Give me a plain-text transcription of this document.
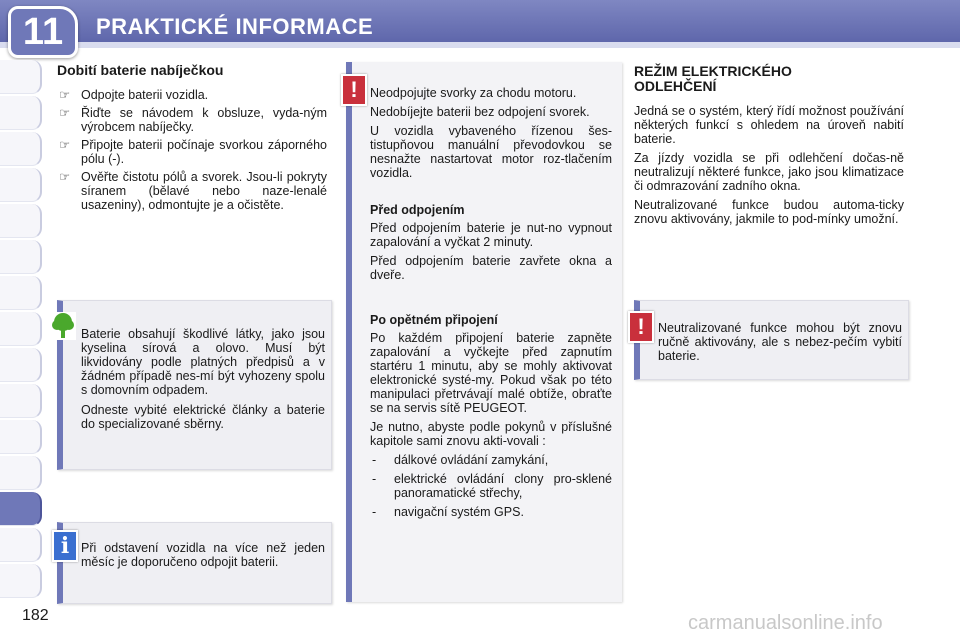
11	PRAKTICKÉ INFORMACE
Dobití baterie nabíječkou
☞ Odpojte baterii vozidla.
☞ Řiďte se návodem k obsluze, vyda-ným výrobcem nabíječky.
☞ Připojte baterii počínaje svorkou záporného pólu (-).
☞ Ověřte čistotu pólů a svorek. Jsou-li pokryty síranem (bělavé nebo naze-lenalé usazeniny), odmontujte je a očistěte.

Baterie obsahují škodlivé látky, jako jsou kyselina sírová a olovo. Musí být likvidovány podle platných předpisů a v žádném případě nes-mí být vyhozeny spolu s domovním odpadem.

Odneste vybité elektrické články a baterie do specializované sběrny.

Při odstavení vozidla na více než jeden měsíc je doporučeno odpojit baterii.

i

Neodpojujte svorky za chodu motoru.

Nedobíjejte baterii bez odpojení svorek.

U vozidla vybaveného řízenou šes-tistupňovou manuální převodovkou se nesnažte nastartovat motor roz-tlačením vozidla.

Před odpojením

Před odpojením baterie je nut-no vypnout zapalování a vyčkat 2 minuty.

Před odpojením baterie zavřete okna a dveře.

Po opětném připojení

Po každém připojení baterie zapněte zapalování a vyčkejte před zapnutím startéru 1 minutu, aby se mohly aktivovat elektronické systé-my. Pokud však po této manipulaci přetrvávají malé obtíže, obraťte se na servis sítě PEUGEOT.

Je nutno, abyste podle pokynů v příslušné kapitole sami znovu akti-vovali :

- dálkové ovládání zamykání,
- elektrické ovládání clony pro-sklené panoramatické střechy,
- navigační systém GPS.
!
REŽIM ELEKTRICKÉHO
ODLEHČENÍ

Jedná se o systém, který řídí možnost používání některých funkcí s ohledem na úroveň nabití baterie.

Za jízdy vozidla se při odlehčení dočas-ně neutralizují některé funkce, jako jsou klimatizace či odmrazování zadního okna.

Neutralizované funkce budou automa-ticky znovu aktivovány, jakmile to pod-mínky umožní.

Neutralizované funkce mohou být znovu ručně aktivovány, ale s nebez-pečím vybití baterie.

!
182	carmanualsonline.info
